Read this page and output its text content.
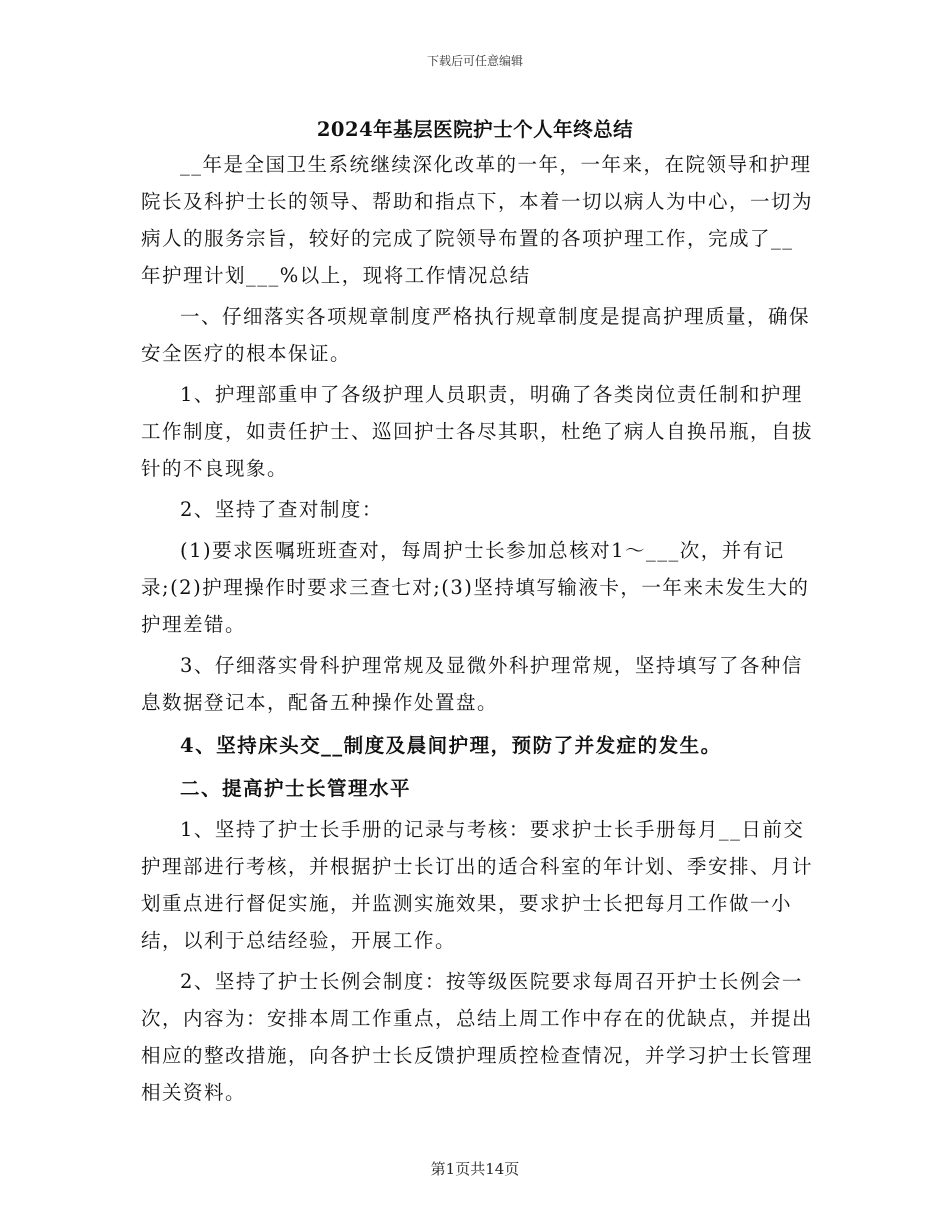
下载后可任意编辑
2024年基层医院护士个人年终总结

__年是全国卫生系统继续深化改革的一年，一年来，在院领导和护理院长及科护士长的领导、帮助和指点下，本着一切以病人为中心，一切为病人的服务宗旨，较好的完成了院领导布置的各项护理工作，完成了__年护理计划___%以上，现将工作情况总结

一、仔细落实各项规章制度严格执行规章制度是提高护理质量，确保安全医疗的根本保证。

1、护理部重申了各级护理人员职责，明确了各类岗位责任制和护理工作制度，如责任护士、巡回护士各尽其职，杜绝了病人自换吊瓶，自拔针的不良现象。

2、坚持了查对制度：

(1)要求医嘱班班查对，每周护士长参加总核对1～___次，并有记录;(2)护理操作时要求三查七对;(3)坚持填写输液卡，一年来未发生大的护理差错。

3、仔细落实骨科护理常规及显微外科护理常规，坚持填写了各种信息数据登记本，配备五种操作处置盘。

4、坚持床头交__制度及晨间护理，预防了并发症的发生。

二、提高护士长管理水平

1、坚持了护士长手册的记录与考核：要求护士长手册每月__日前交护理部进行考核，并根据护士长订出的适合科室的年计划、季安排、月计划重点进行督促实施，并监测实施效果，要求护士长把每月工作做一小结，以利于总结经验，开展工作。

2、坚持了护士长例会制度：按等级医院要求每周召开护士长例会一次，内容为：安排本周工作重点，总结上周工作中存在的优缺点，并提出相应的整改措施，向各护士长反馈护理质控检查情况，并学习护士长管理相关资料。

第1页共14页
